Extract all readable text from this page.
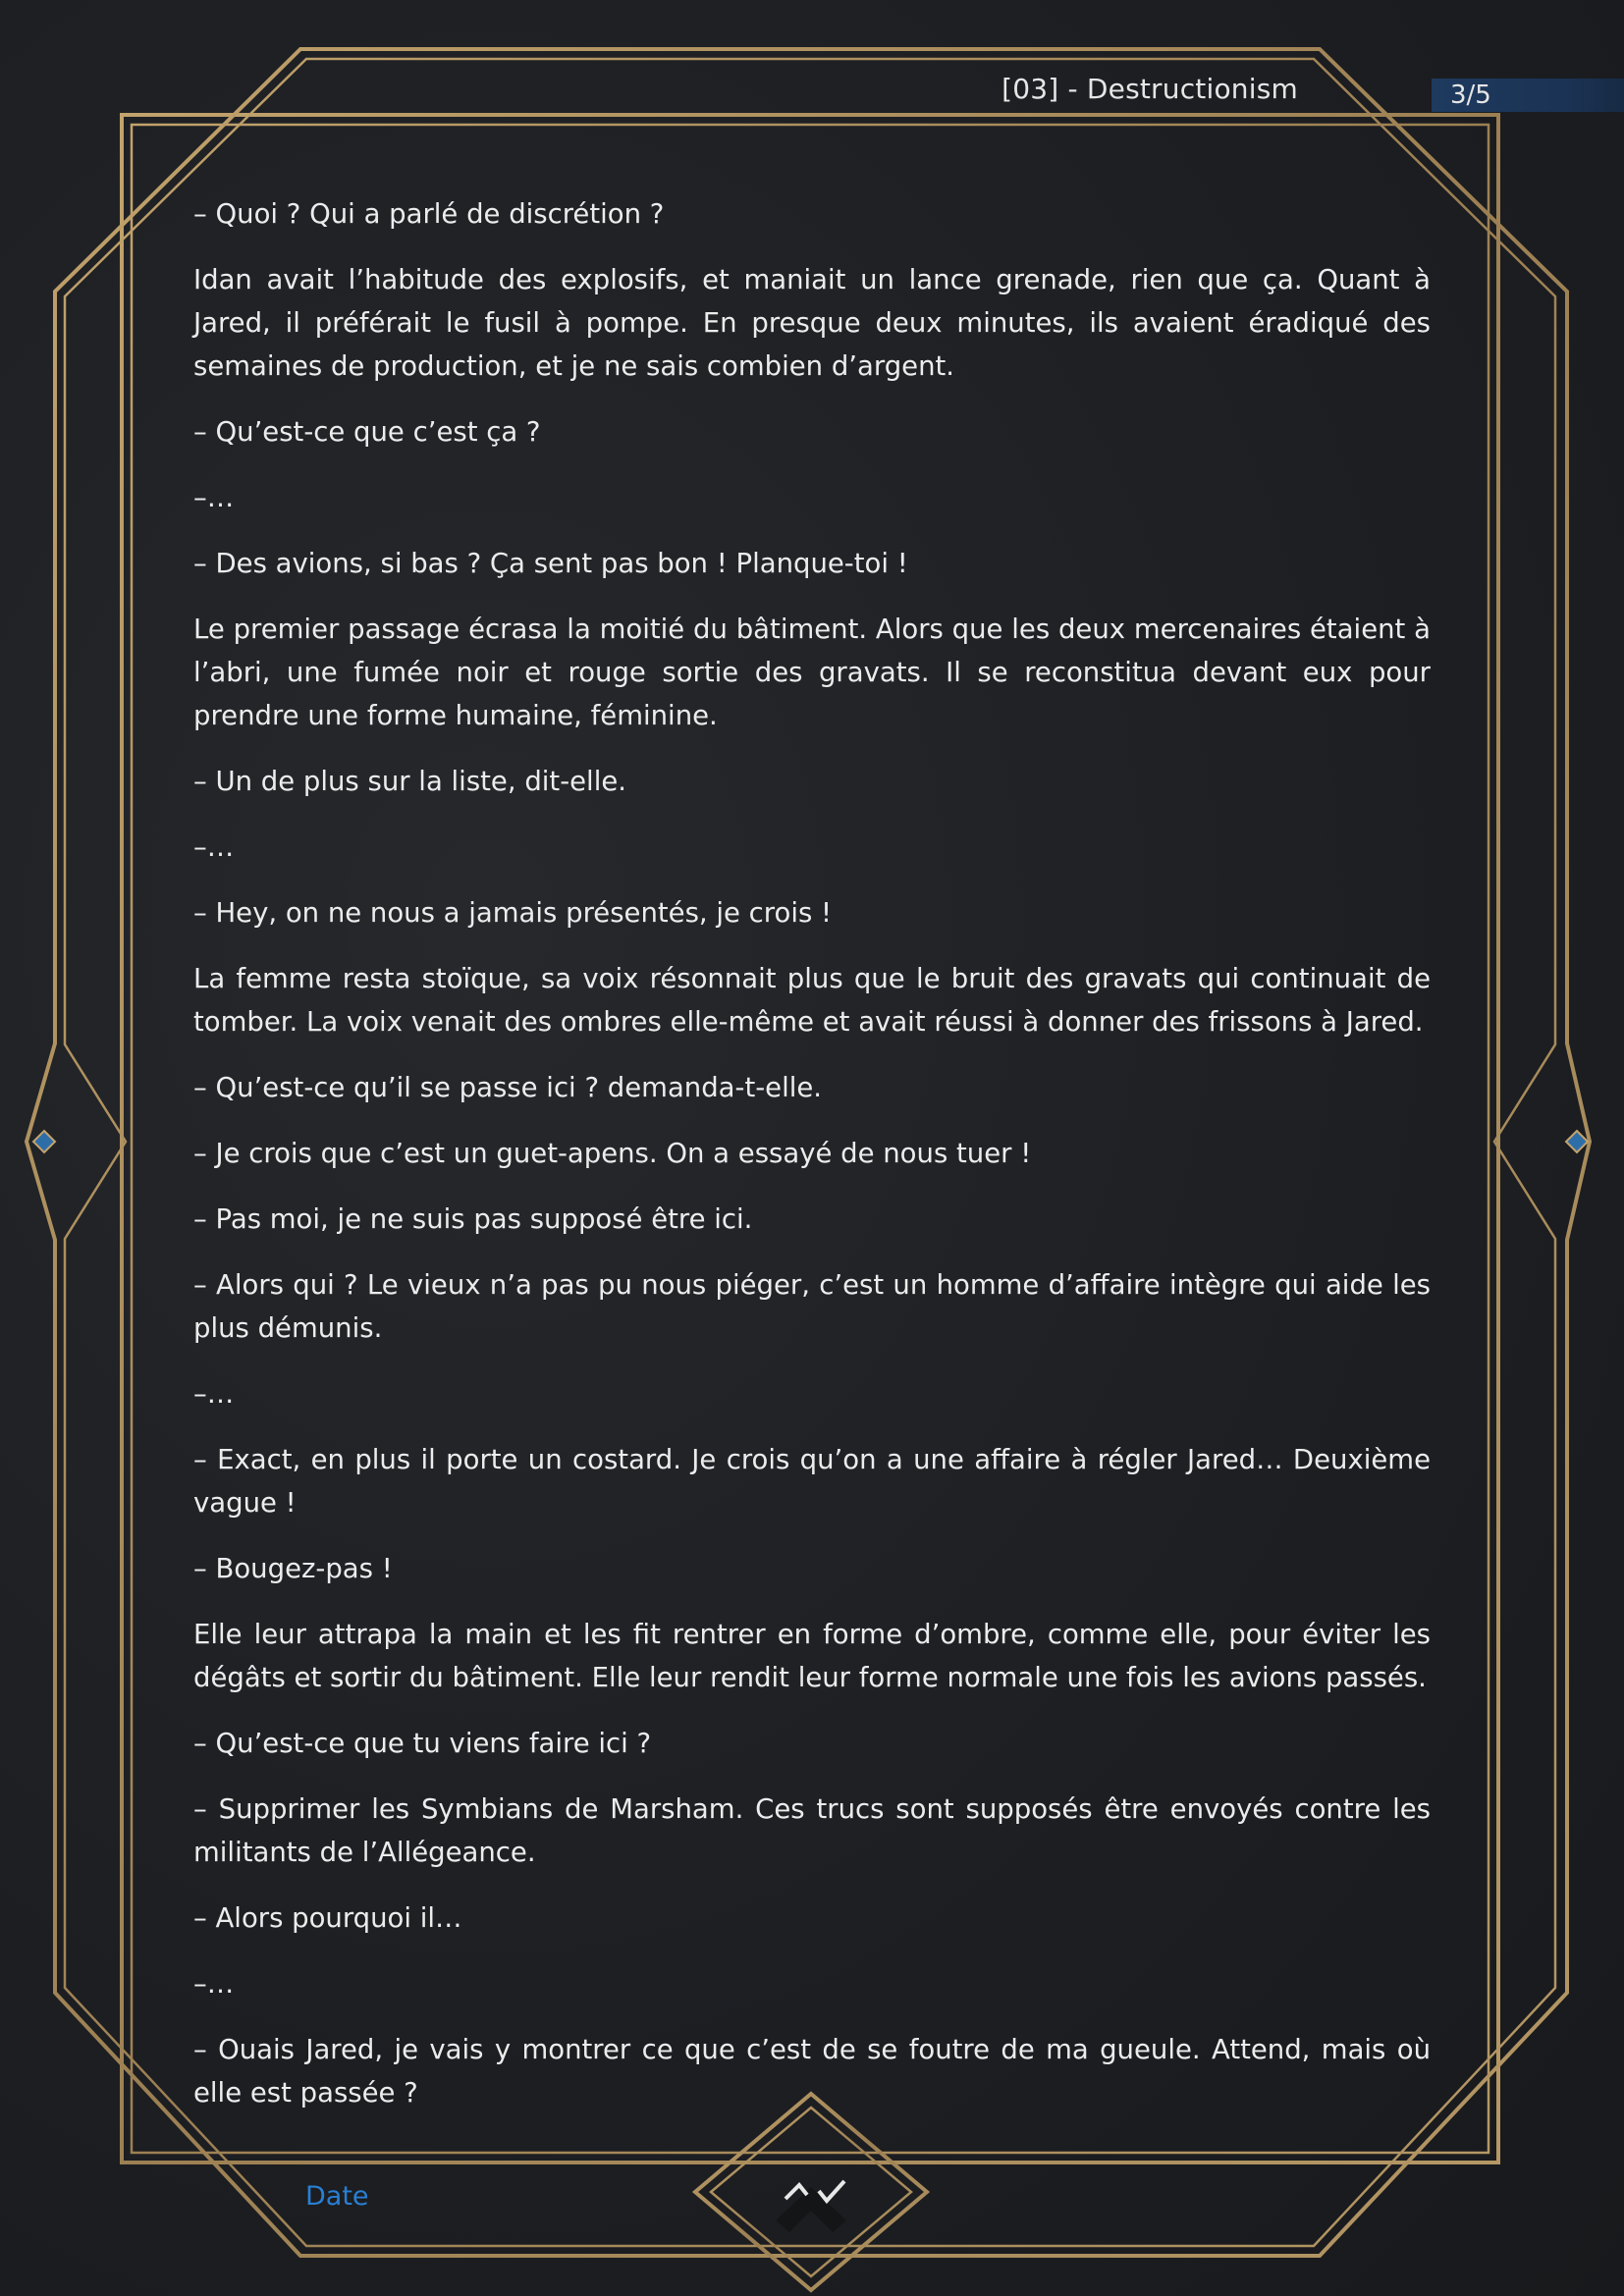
[03] - Destructionism	3/5

– Quoi ? Qui a parlé de discrétion ?

Idan avait l’habitude des explosifs, et maniait un lance grenade, rien que ça. Quant à Jared, il préférait le fusil à pompe. En presque deux minutes, ils avaient éradiqué des semaines de production, et je ne sais combien d’argent.

– Qu’est-ce que c’est ça ?

–…

– Des avions, si bas ? Ça sent pas bon ! Planque-toi !

Le premier passage écrasa la moitié du bâtiment. Alors que les deux mercenaires étaient à l’abri, une fumée noir et rouge sortie des gravats. Il se reconstitua devant eux pour prendre une forme humaine, féminine.

– Un de plus sur la liste, dit-elle.

–…

– Hey, on ne nous a jamais présentés, je crois !

La femme resta stoïque, sa voix résonnait plus que le bruit des gravats qui continuait de tomber. La voix venait des ombres elle-même et avait réussi à donner des frissons à Jared.

– Qu’est-ce qu’il se passe ici ? demanda-t-elle.

– Je crois que c’est un guet-apens. On a essayé de nous tuer !

– Pas moi, je ne suis pas supposé être ici.

– Alors qui ? Le vieux n’a pas pu nous piéger, c’est un homme d’affaire intègre qui aide les plus démunis.

–…

– Exact, en plus il porte un costard. Je crois qu’on a une affaire à régler Jared… Deuxième vague !

– Bougez-pas !

Elle leur attrapa la main et les fit rentrer en forme d’ombre, comme elle, pour éviter les dégâts et sortir du bâtiment. Elle leur rendit leur forme normale une fois les avions passés.

– Qu’est-ce que tu viens faire ici ?

– Supprimer les Symbians de Marsham. Ces trucs sont supposés être envoyés contre les militants de l’Allégeance.

– Alors pourquoi il…

–…

– Ouais Jared, je vais y montrer ce que c’est de se foutre de ma gueule. Attend, mais où elle est passée ?

Date
